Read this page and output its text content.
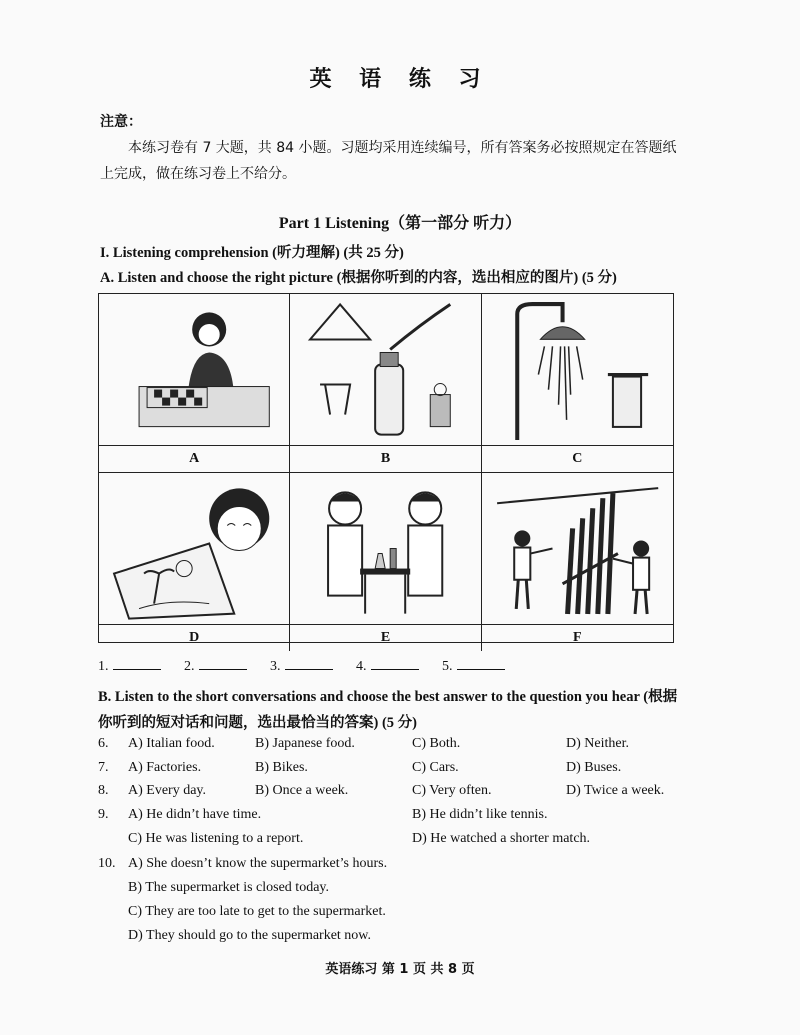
英 语 练 习
注意：
本练习卷有 7 大题，共 84 小题。习题均采用连续编号，所有答案务必按照规定在答题纸上完成，做在练习卷上不给分。
Part 1 Listening（第一部分 听力）
I. Listening comprehension (听力理解) (共 25 分)
A. Listen and choose the right picture (根据你听到的内容，选出相应的图片) (5 分)
A	B	C
D	E	F
1.	2.	3.	4.	5.
B. Listen to the short conversations and choose the best answer to the question you hear (根据你听到的短对话和问题，选出最恰当的答案) (5 分)
6. A) Italian food.	B) Japanese food.	C) Both.	D) Neither.
7. A) Factories.	B) Bikes.	C) Cars.	D) Buses.
8. A) Every day.	B) Once a week.	C) Very often.	D) Twice a week.
9. A) He didn’t have time.	B) He didn’t like tennis.
C) He was listening to a report.	D) He watched a shorter match.
10. A) She doesn’t know the supermarket’s hours.
B) The supermarket is closed today.
C) They are too late to get to the supermarket.
D) They should go to the supermarket now.
英语练习 第 1 页 共 8 页
